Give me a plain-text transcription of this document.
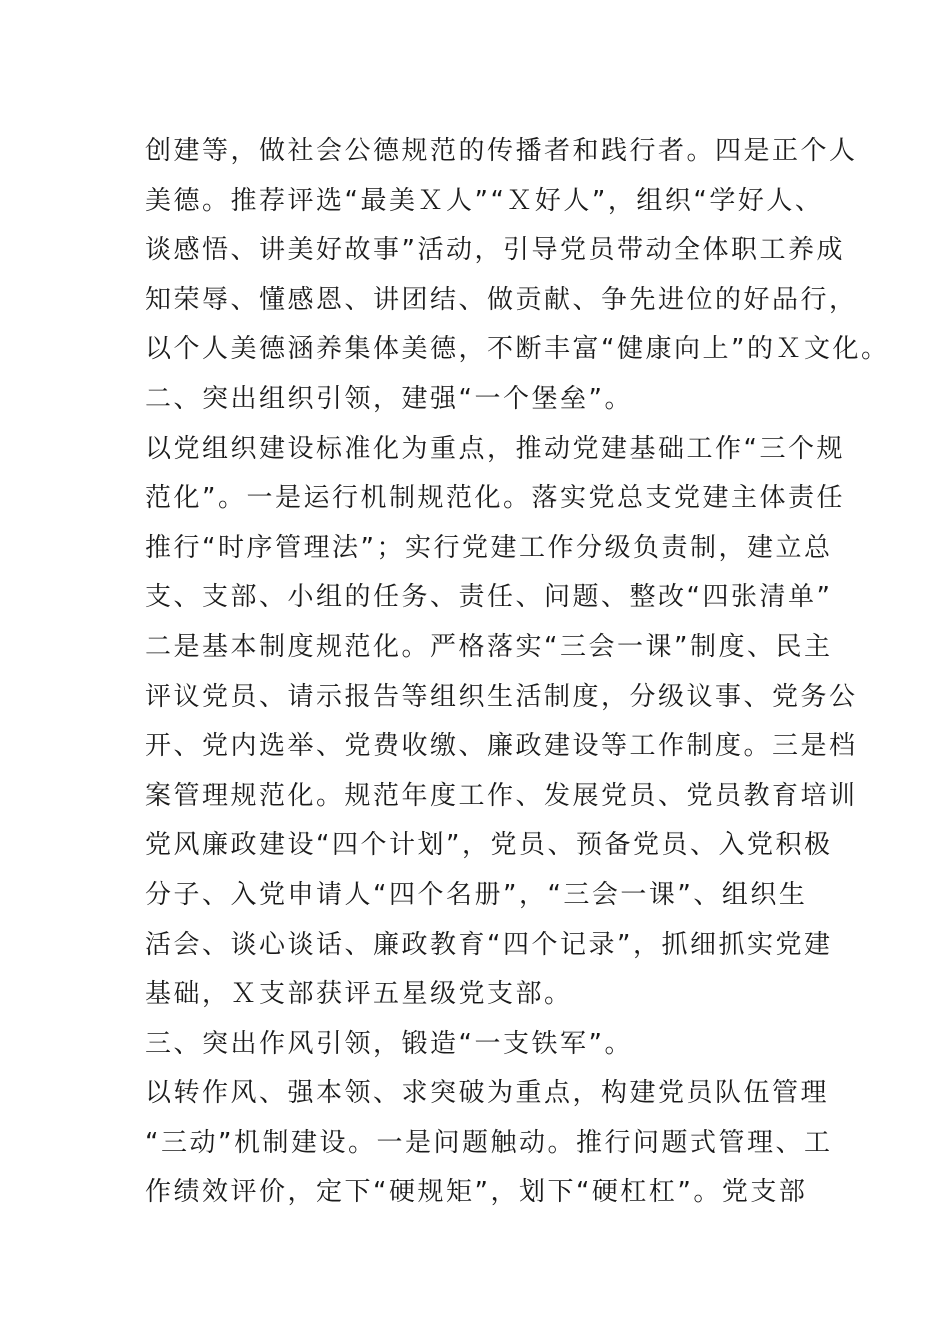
创建等，做社会公德规范的传播者和践行者。四是正个人
美德。推荐评选“最美Ｘ人”“Ｘ好人”，组织“学好人、
谈感悟、讲美好故事”活动，引导党员带动全体职工养成
知荣辱、懂感恩、讲团结、做贡献、争先进位的好品行，
以个人美德涵养集体美德，不断丰富“健康向上”的Ｘ文化。
二、突出组织引领，建强“一个堡垒”。
以党组织建设标准化为重点，推动党建基础工作“三个规
范化”。一是运行机制规范化。落实党总支党建主体责任
推行“时序管理法”；实行党建工作分级负责制，建立总
支、支部、小组的任务、责任、问题、整改“四张清单”
二是基本制度规范化。严格落实“三会一课”制度、民主
评议党员、请示报告等组织生活制度，分级议事、党务公
开、党内选举、党费收缴、廉政建设等工作制度。三是档
案管理规范化。规范年度工作、发展党员、党员教育培训
党风廉政建设“四个计划”，党员、预备党员、入党积极
分子、入党申请人“四个名册”，“三会一课”、组织生
活会、谈心谈话、廉政教育“四个记录”，抓细抓实党建
基础，Ｘ支部获评五星级党支部。
三、突出作风引领，锻造“一支铁军”。
以转作风、强本领、求突破为重点，构建党员队伍管理
“三动”机制建设。一是问题触动。推行问题式管理、工
作绩效评价，定下“硬规矩”，划下“硬杠杠”。党支部
